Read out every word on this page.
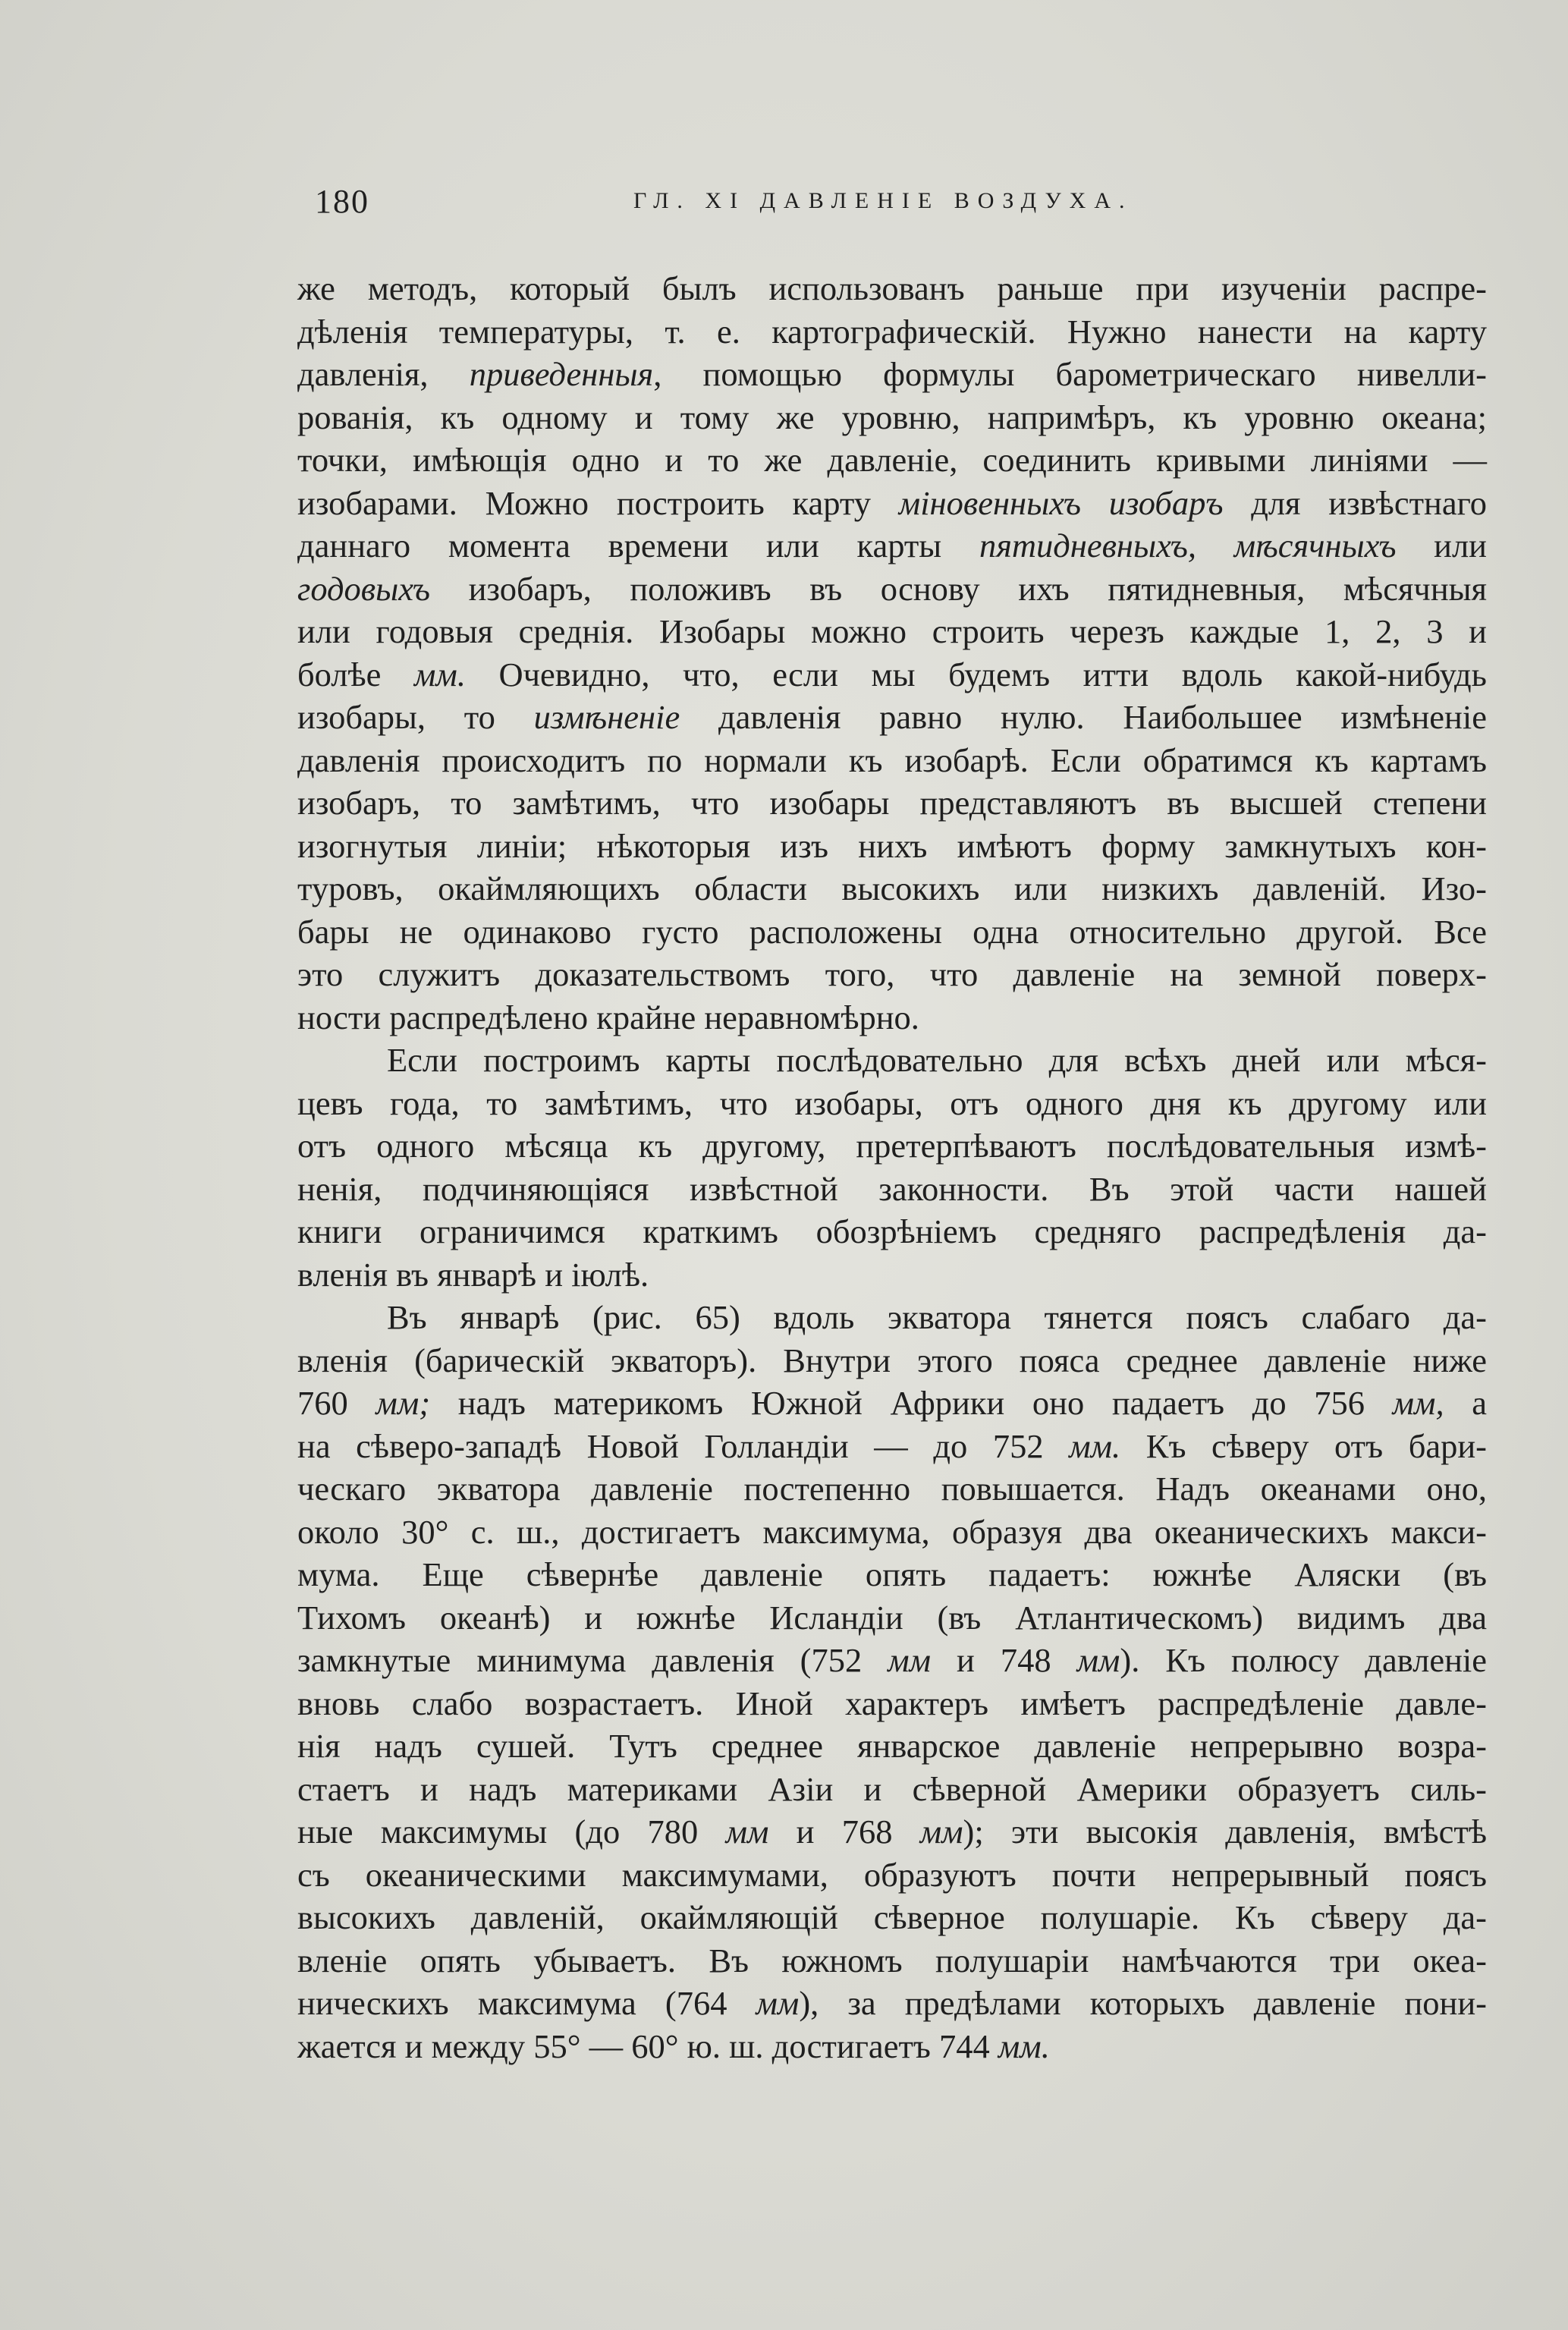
180	ГЛ. XI ДАВЛЕНІЕ ВОЗДУХА.

же методъ, который былъ использованъ раньше при изученіи распре-

дѣленія температуры, т. е. картографическій. Нужно нанести на карту

давленія, приведенныя, помощью формулы барометрическаго нивелли-

рованія, къ одному и тому же уровню, напримѣръ, къ уровню океана;

точки, имѣющія одно и то же давленіе, соединить кривыми линіями —

изобарами. Можно построить карту мiновенныхъ изобаръ для извѣстнаго

даннаго момента времени или карты пятидневныхъ, мѣсячныхъ или

годовыхъ изобаръ, положивъ въ основу ихъ пятидневныя, мѣсячныя

или годовыя среднія. Изобары можно строить черезъ каждые 1, 2, 3 и

болѣе мм. Очевидно, что, если мы будемъ итти вдоль какой-нибудь

изобары, то измѣненіе давленія равно нулю. Наибольшее измѣненіе

давленія происходитъ по нормали къ изобарѣ. Если обратимся къ картамъ

изобаръ, то замѣтимъ, что изобары представляютъ въ высшей степени

изогнутыя линіи; нѣкоторыя изъ нихъ имѣютъ форму замкнутыхъ кон-

туровъ, окаймляющихъ области высокихъ или низкихъ давленій. Изо-

бары не одинаково густо расположены одна относительно другой. Все

это служитъ доказательствомъ того, что давленіе на земной поверх-

ности распредѣлено крайне неравномѣрно.

Если построимъ карты послѣдовательно для всѣхъ дней или мѣся-

цевъ года, то замѣтимъ, что изобары, отъ одного дня къ другому или

отъ одного мѣсяца къ другому, претерпѣваютъ послѣдовательныя измѣ-

ненія, подчиняющіяся извѣстной законности. Въ этой части нашей

книги ограничимся краткимъ обозрѣніемъ средняго распредѣленія да-

вленія въ январѣ и іюлѣ.

Въ январѣ (рис. 65) вдоль экватора тянется поясъ слабаго да-

вленія (барическій экваторъ). Внутри этого пояса среднее давленіе ниже

760 мм; надъ материкомъ Южной Африки оно падаетъ до 756 мм, а

на сѣверо-западѣ Новой Голландіи — до 752 мм. Къ сѣверу отъ бари-

ческаго экватора давленіе постепенно повышается. Надъ океанами оно,

около 30° с. ш., достигаетъ максимума, образуя два океаническихъ макси-

мума. Еще сѣвернѣе давленіе опять падаетъ: южнѣе Аляски (въ

Тихомъ океанѣ) и южнѣе Исландіи (въ Атлантическомъ) видимъ два

замкнутые минимума давленія (752 мм и 748 мм). Къ полюсу давленіе

вновь слабо возрастаетъ. Иной характеръ имѣетъ распредѣленіе давле-

нія надъ сушей. Тутъ среднее январское давленіе непрерывно возра-

стаетъ и надъ материками Азіи и сѣверной Америки образуетъ силь-

ные максимумы (до 780 мм и 768 мм); эти высокія давленія, вмѣстѣ

съ океаническими максимумами, образуютъ почти непрерывный поясъ

высокихъ давленій, окаймляющій сѣверное полушаріе. Къ сѣверу да-

вленіе опять убываетъ. Въ южномъ полушаріи намѣчаются три океа-

ническихъ максимума (764 мм), за предѣлами которыхъ давленіе пони-

жается и между 55° — 60° ю. ш. достигаетъ 744 мм.
